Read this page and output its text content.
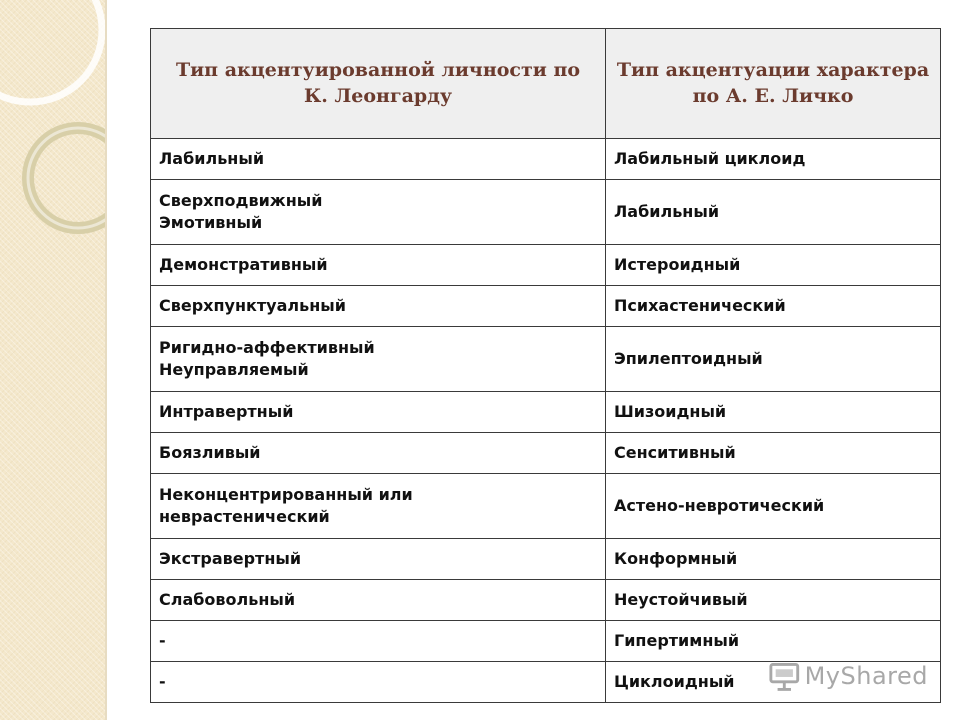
Тип акцентуированной личности по К. Леонгарду	Тип акцентуации характера по А. Е. Личко
Лабильный	Лабильный циклоид
Сверхподвижный
Эмотивный	Лабильный
Демонстративный	Истероидный
Сверхпунктуальный	Психастенический
Ригидно-аффективный
Неуправляемый	Эпилептоидный
Интравертный	Шизоидный
Боязливый	Сенситивный
Неконцентрированный или
неврастенический	Астено-невротический
Экстравертный	Конформный
Слабовольный	Неустойчивый
-	Гипертимный
-	Циклоидный	MyShared
